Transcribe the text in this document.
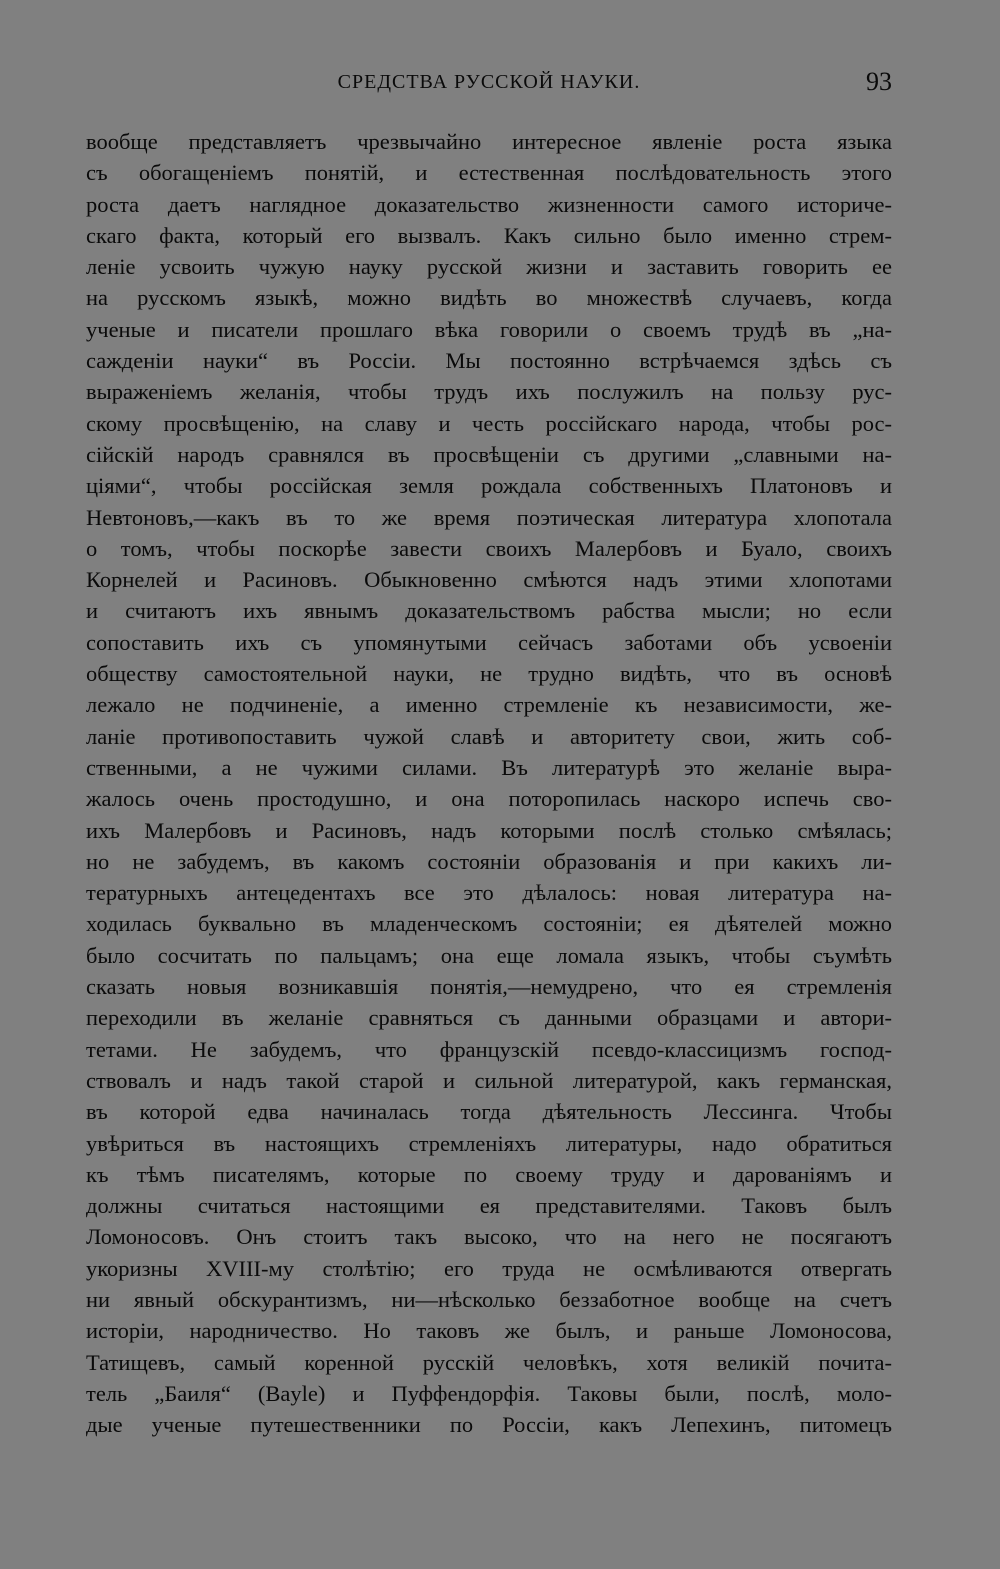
СРЕДСТВА РУССКОЙ НАУКИ.	93
вообще представляетъ чрезвычайно интересное явленіе роста языка
съ обогащеніемъ понятій, и естественная послѣдовательность этого
роста даетъ наглядное доказательство жизненности самого историче-
скаго факта, который его вызвалъ. Какъ сильно было именно стрем-
леніе усвоить чужую науку русской жизни и заставить говорить ее
на русскомъ языкѣ, можно видѣть во множествѣ случаевъ, когда
ученые и писатели прошлаго вѣка говорили о своемъ трудѣ въ „на-
сажденіи науки“ въ Россіи. Мы постоянно встрѣчаемся здѣсь съ
выраженіемъ желанія, чтобы трудъ ихъ послужилъ на пользу рус-
скому просвѣщенію, на славу и честь россійскаго народа, чтобы рос-
сійскій народъ сравнялся въ просвѣщеніи съ другими „славными на-
ціями“, чтобы россійская земля рождала собственныхъ Платоновъ и
Невтоновъ,—какъ въ то же время поэтическая литература хлопотала
о томъ, чтобы поскорѣе завести своихъ Малербовъ и Буало, своихъ
Корнелей и Расиновъ. Обыкновенно смѣются надъ этими хлопотами
и считаютъ ихъ явнымъ доказательствомъ рабства мысли; но если
сопоставить ихъ съ упомянутыми сейчасъ заботами объ усвоеніи
обществу самостоятельной науки, не трудно видѣть, что въ основѣ
лежало не подчиненіе, а именно стремленіе къ независимости, же-
ланіе противопоставить чужой славѣ и авторитету свои, жить соб-
ственными, а не чужими силами. Въ литературѣ это желаніе выра-
жалось очень простодушно, и она поторопилась наскоро испечь сво-
ихъ Малербовъ и Расиновъ, надъ которыми послѣ столько смѣялась;
но не забудемъ, въ какомъ состояніи образованія и при какихъ ли-
тературныхъ антецедентахъ все это дѣлалось: новая литература на-
ходилась буквально въ младенческомъ состояніи; ея дѣятелей можно
было сосчитать по пальцамъ; она еще ломала языкъ, чтобы съумѣть
сказать новыя возникавшія понятія,—немудрено, что ея стремленія
переходили въ желаніе сравняться съ данными образцами и автори-
тетами. Не забудемъ, что французскій псевдо-классицизмъ господ-
ствовалъ и надъ такой старой и сильной литературой, какъ германская,
въ которой едва начиналась тогда дѣятельность Лессинга. Чтобы
увѣриться въ настоящихъ стремленіяхъ литературы, надо обратиться
къ тѣмъ писателямъ, которые по своему труду и дарованіямъ и
должны считаться настоящими ея представителями. Таковъ былъ
Ломоносовъ. Онъ стоитъ такъ высоко, что на него не посягаютъ
укоризны XVIII-му столѣтію; его труда не осмѣливаются отвергать
ни явный обскурантизмъ, ни—нѣсколько беззаботное вообще на счетъ
исторіи, народничество. Но таковъ же былъ, и раньше Ломоносова,
Татищевъ, самый коренной русскій человѣкъ, хотя великій почита-
тель „Баиля“ (Bayle) и Пуффендорфія. Таковы были, послѣ, моло-
дые ученые путешественники по Россіи, какъ Лепехинъ, питомецъ
